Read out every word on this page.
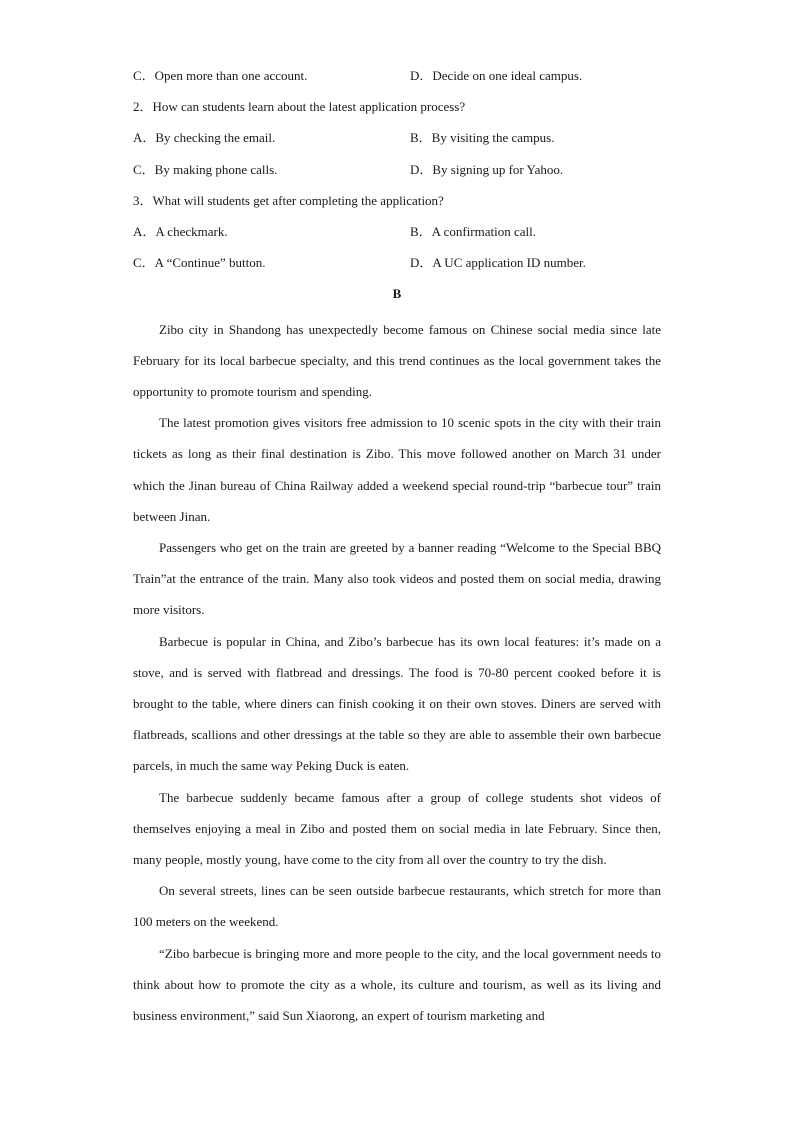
C．Open more than one account.	D．Decide on one ideal campus.
2．How can students learn about the latest application process?
A．By checking the email.	B．By visiting the campus.
C．By making phone calls.	D．By signing up for Yahoo.
3．What will students get after completing the application?
A．A checkmark.	B．A confirmation call.
C．A “Continue” button.	D．A UC application ID number.
B

Zibo city in Shandong has unexpectedly become famous on Chinese social media since late February for its local barbecue specialty, and this trend continues as the local government takes the opportunity to promote tourism and spending.

The latest promotion gives visitors free admission to 10 scenic spots in the city with their train tickets as long as their final destination is Zibo. This move followed another on March 31 under which the Jinan bureau of China Railway added a weekend special round-trip “barbecue tour” train between Jinan.

Passengers who get on the train are greeted by a banner reading “Welcome to the Special BBQ Train”at the entrance of the train. Many also took videos and posted them on social media, drawing more visitors.

Barbecue is popular in China, and Zibo’s barbecue has its own local features: it’s made on a stove, and is served with flatbread and dressings. The food is 70-80 percent cooked before it is brought to the table, where diners can finish cooking it on their own stoves. Diners are served with flatbreads, scallions and other dressings at the table so they are able to assemble their own barbecue parcels, in much the same way Peking Duck is eaten.

The barbecue suddenly became famous after a group of college students shot videos of themselves enjoying a meal in Zibo and posted them on social media in late February. Since then, many people, mostly young, have come to the city from all over the country to try the dish.

On several streets, lines can be seen outside barbecue restaurants, which stretch for more than 100 meters on the weekend.

“Zibo barbecue is bringing more and more people to the city, and the local government needs to think about how to promote the city as a whole, its culture and tourism, as well as its living and business environment,” said Sun Xiaorong, an expert of tourism marketing and
